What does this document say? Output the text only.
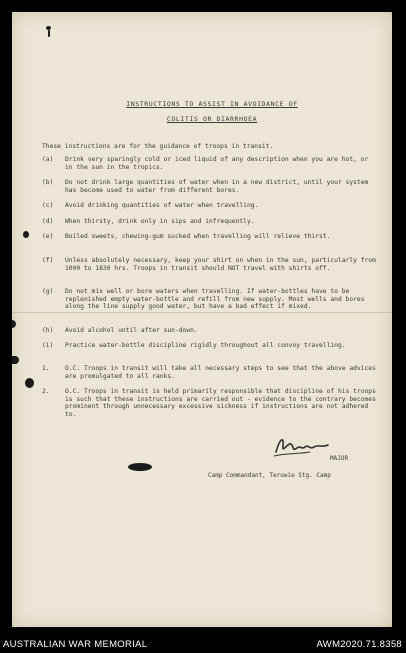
INSTRUCTIONS TO ASSIST IN AVOIDANCE OF
COLITIS OR DIARRHOEA
These instructions are for the guidance of troops in transit.
(a)	Drink very sparingly cold or iced liquid of any description when you are hot, or in the sun in the tropics.
(b)	Do not drink large quantities of water when in a new district, until your system has become used to water from different bores.
(c)	Avoid drinking quantities of water when travelling.
(d)	When thirsty, drink only in sips and infrequently.
(e)	Boiled sweets, chewing-gum sucked when travelling will relieve thirst.
(f)	Unless absolutely necessary, keep your shirt on when in the sun, particularly from 1000 to 1830 hrs. Troops in transit should NOT travel with shirts off.
(g)	Do not mix well or bore waters when travelling. If water-bottles have to be replenished empty water-bottle and refill from new supply. Most wells and bores along the line supply good water, but have a bad effect if mixed.
(h)	Avoid alcohol until after sun-down.
(i)	Practice water-bottle discipline rigidly throughout all convoy travelling.
1.	O.C. Troops in transit will take all necessary steps to see that the above advices are promulgated to all ranks.
2.	O.C. Troops in transit is held primarily responsible that discipline of his troops is such that these instructions are carried out - evidence to the contrary becomes prominent through unnecessary excessive sickness if instructions are not adhered to.
MAJOR
Camp Commandant, Terowie Stg. Camp
AUSTRALIAN WAR MEMORIAL	AWM2020.71.8358
